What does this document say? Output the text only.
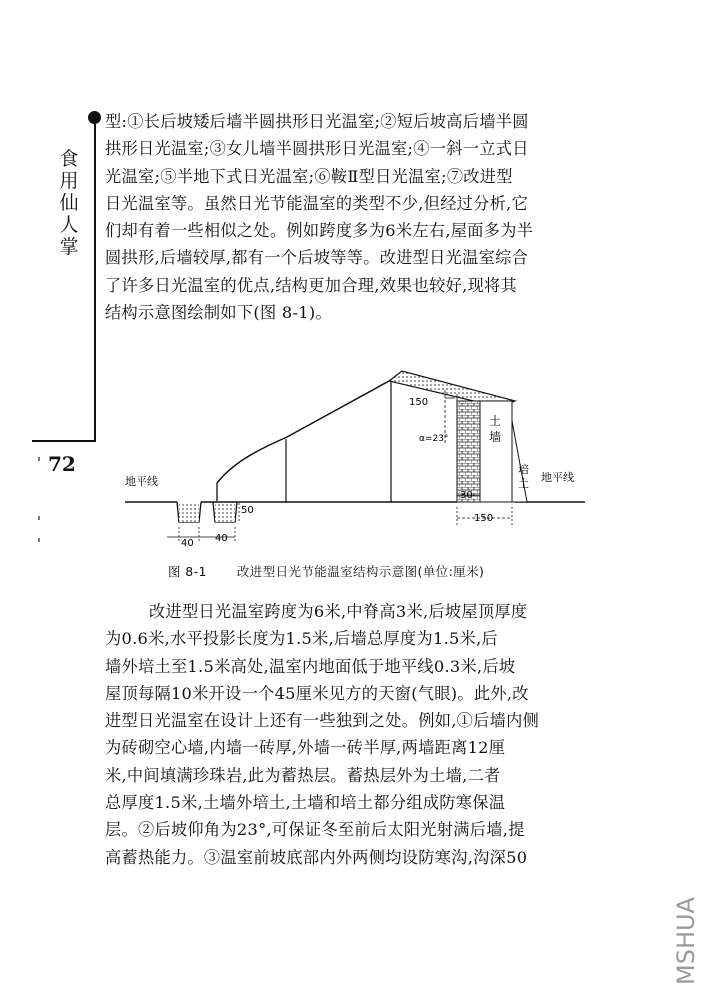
食
用
仙
人
掌
72

型:①长后坡矮后墙半圆拱形日光温室;②短后坡高后墙半圆
拱形日光温室;③女儿墙半圆拱形日光温室;④一斜一立式日
光温室;⑤半地下式日光温室;⑥鞍Ⅱ型日光温室;⑦改进型
日光温室等。虽然日光节能温室的类型不少,但经过分析,它
们却有着一些相似之处。例如跨度多为6米左右,屋面多为半
圆拱形,后墙较厚,都有一个后坡等等。改进型日光温室综合
了许多日光温室的优点,结构更加合理,效果也较好,现将其
结构示意图绘制如下(图 8-1)。

地平线	地平线
150
α=23°
土
墙
培
土
30
150
50
40 40
图 8-1 改进型日光节能温室结构示意图(单位:厘米)

改进型日光温室跨度为6米,中脊高3米,后坡屋顶厚度
为0.6米,水平投影长度为1.5米,后墙总厚度为1.5米,后
墙外培土至1.5米高处,温室内地面低于地平线0.3米,后坡
屋顶每隔10米开设一个45厘米见方的天窗(气眼)。此外,改
进型日光温室在设计上还有一些独到之处。例如,①后墙内侧
为砖砌空心墙,内墙一砖厚,外墙一砖半厚,两墙距离12厘
米,中间填满珍珠岩,此为蓄热层。蓄热层外为土墙,二者
总厚度1.5米,土墙外培土,土墙和培土都分组成防寒保温
层。②后坡仰角为23°,可保证冬至前后太阳光射满后墙,提
高蓄热能力。③温室前坡底部内外两侧均设防寒沟,沟深50

MSHUA
